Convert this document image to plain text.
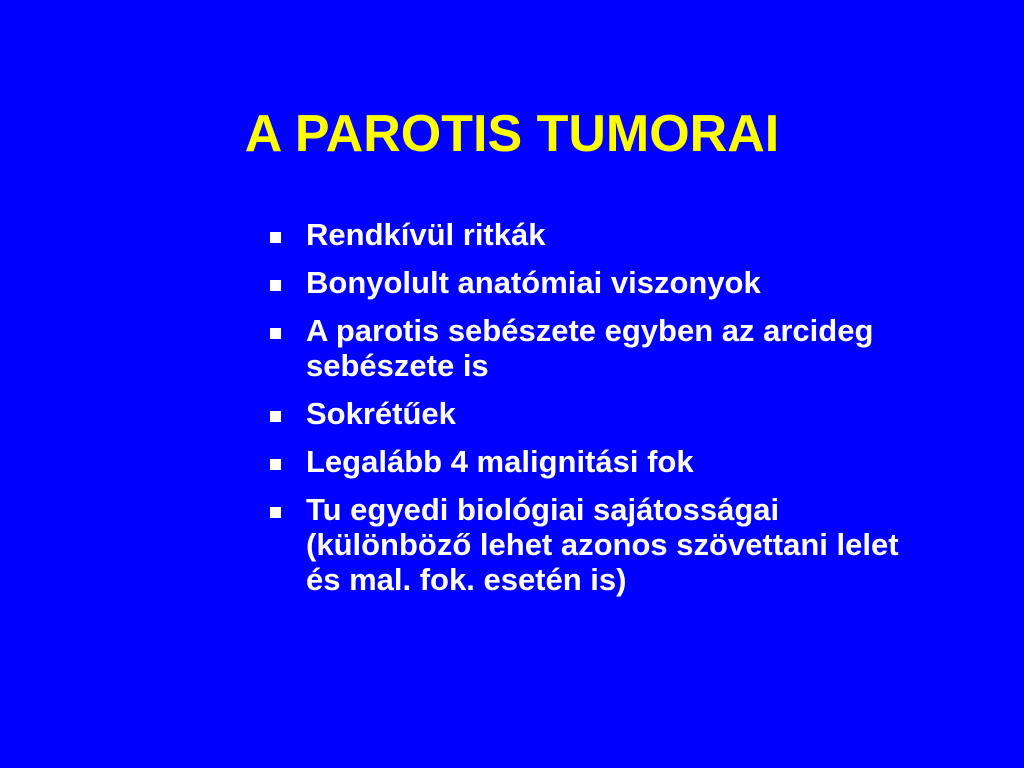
A PAROTIS TUMORAI
Rendkívül ritkák
Bonyolult anatómiai viszonyok
A parotis sebészete egyben az arcideg sebészete is
Sokrétűek
Legalább 4 malignitási fok
Tu egyedi biológiai sajátosságai (különböző lehet azonos szövettani lelet és mal. fok. esetén is)
